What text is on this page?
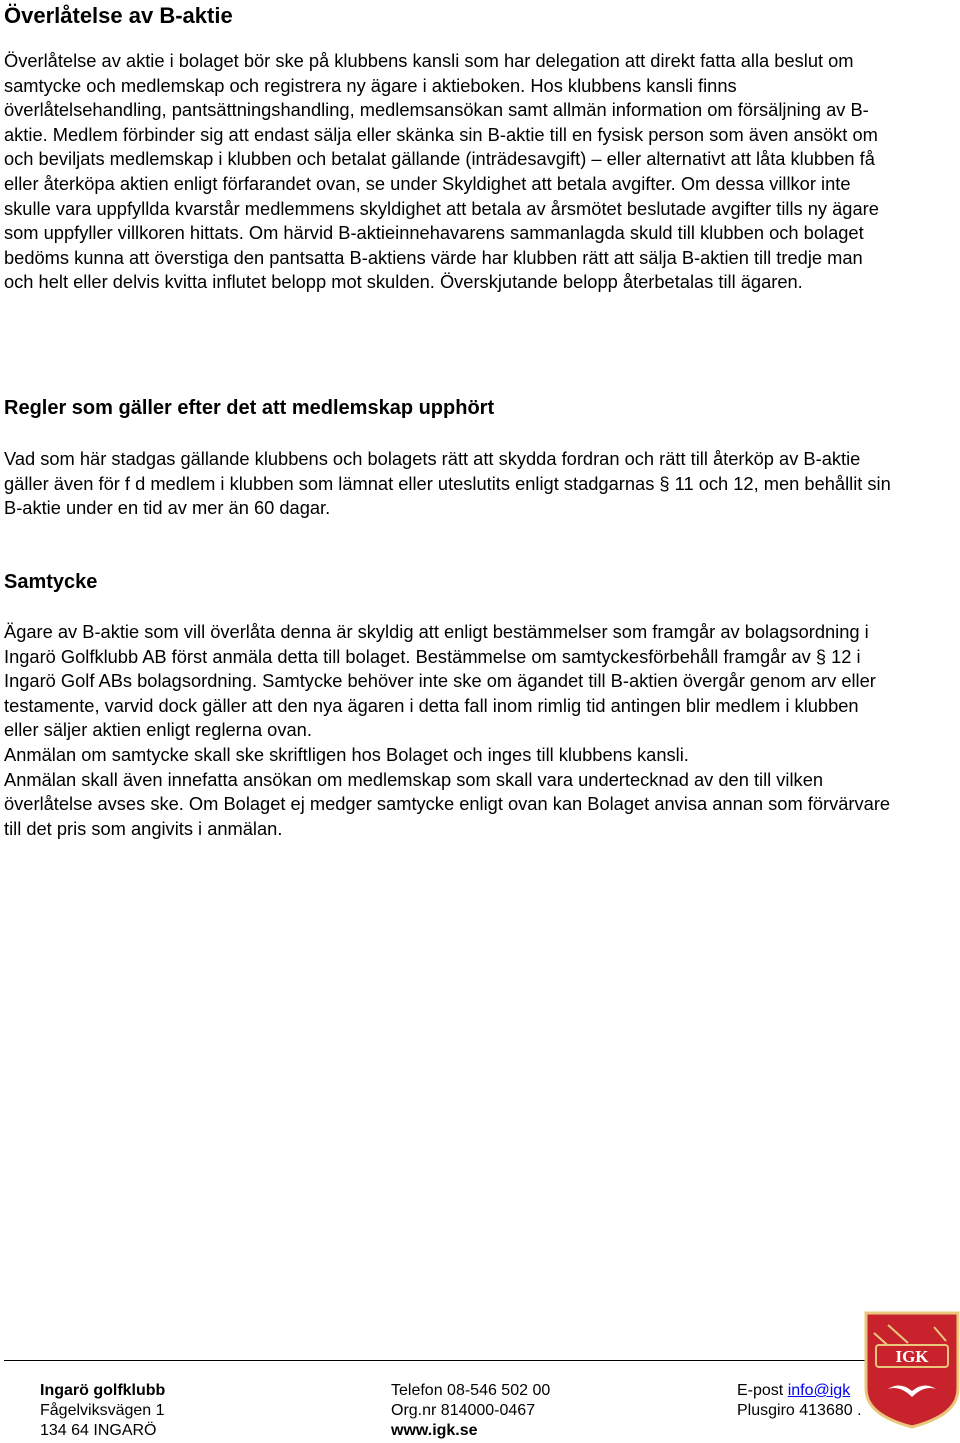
Överlåtelse av B-aktie

Överlåtelse av aktie i bolaget bör ske på klubbens kansli som har delegation att direkt fatta alla beslut om samtycke och medlemskap och registrera ny ägare i aktieboken. Hos klubbens kansli finns överlåtelsehandling, pantsättningshandling, medlemsansökan samt allmän information om försäljning av B-aktie. Medlem förbinder sig att endast sälja eller skänka sin B-aktie till en fysisk person som även ansökt om och beviljats medlemskap i klubben och betalat gällande (inträdesavgift) – eller alternativt att låta klubben få eller återköpa aktien enligt förfarandet ovan, se under Skyldighet att betala avgifter. Om dessa villkor inte skulle vara uppfyllda kvarstår medlemmens skyldighet att betala av årsmötet beslutade avgifter tills ny ägare som uppfyller villkoren hittats. Om härvid B-aktieinnehavarens sammanlagda skuld till klubben och bolaget bedöms kunna att överstiga den pantsatta B-aktiens värde har klubben rätt att sälja B-aktien till tredje man och helt eller delvis kvitta influtet belopp mot skulden. Överskjutande belopp återbetalas till ägaren.

Regler som gäller efter det att medlemskap upphört

Vad som här stadgas gällande klubbens och bolagets rätt att skydda fordran och rätt till återköp av B-aktie gäller även för f d medlem i klubben som lämnat eller uteslutits enligt stadgarnas § 11 och 12, men behållit sin B-aktie under en tid av mer än 60 dagar.

Samtycke

Ägare av B-aktie som vill överlåta denna är skyldig att enligt bestämmelser som framgår av bolagsordning i Ingarö Golfklubb AB först anmäla detta till bolaget. Bestämmelse om samtyckesförbehåll framgår av § 12 i Ingarö Golf ABs bolagsordning. Samtycke behöver inte ske om ägandet till B-aktien övergår genom arv eller testamente, varvid dock gäller att den nya ägaren i detta fall inom rimlig tid antingen blir medlem i klubben eller säljer aktien enligt reglerna ovan.
Anmälan om samtycke skall ske skriftligen hos Bolaget och inges till klubbens kansli.
Anmälan skall även innefatta ansökan om medlemskap som skall vara undertecknad av den till vilken överlåtelse avses ske. Om Bolaget ej medger samtycke enligt ovan kan Bolaget anvisa annan som förvärvare till det pris som angivits i anmälan.

Ingarö golfklubb
Fågelviksvägen 1
134 64 INGARÖ
Telefon 08-546 502 00
Org.nr 814000-0467
www.igk.se
E-post info@igk
Plusgiro 413680 .
IGK
